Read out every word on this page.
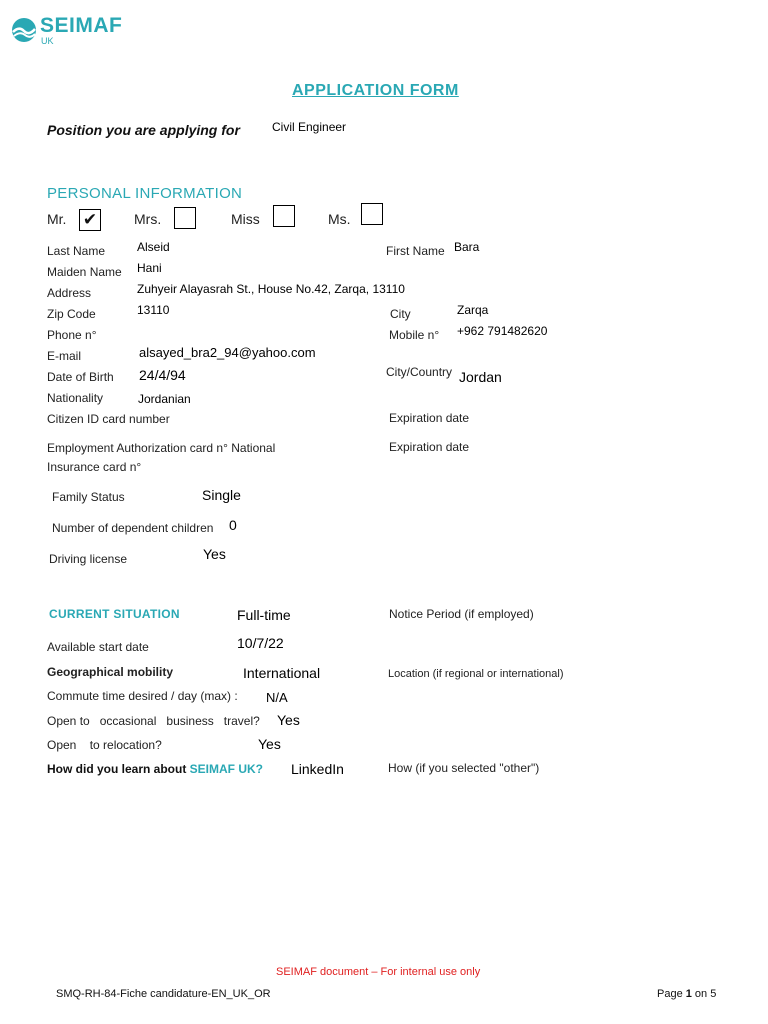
SEIMAF
UK
APPLICATION FORM
Position you are applying for	Civil Engineer
PERSONAL INFORMATION
Mr. ✔	Mrs.	Miss	Ms.
Last Name	Alseid	First Name Bara
Maiden Name Hani
Address	Zuhyeir Alayasrah St., House No.42, Zarqa, 13110
Zip Code	13110	City	Zarqa
Phone n°	Mobile n° +962 791482620
E-mail	alsayed_bra2_94@yahoo.com
Date of Birth 24/4/94	City/Country Jordan
Nationality	Jordanian
Citizen ID card number	Expiration date
Employment Authorization card n° National
Insurance card n°
Expiration date
Family Status	Single
Number of dependent children 0
Driving license	Yes
CURRENT SITUATION	Full-time	Notice Period (if employed)
Available start date	10/7/22
Geographical mobility	International	Location (if regional or international)
Commute time desired / day (max) : N/A
Open to   occasional   business   travel? Yes
Open    to relocation?	Yes
How did you learn about SEIMAF UK? LinkedIn	How (if you selected "other")
SEIMAF document – For internal use only
SMQ-RH-84-Fiche candidature-EN_UK_OR	Page 1 on 5
